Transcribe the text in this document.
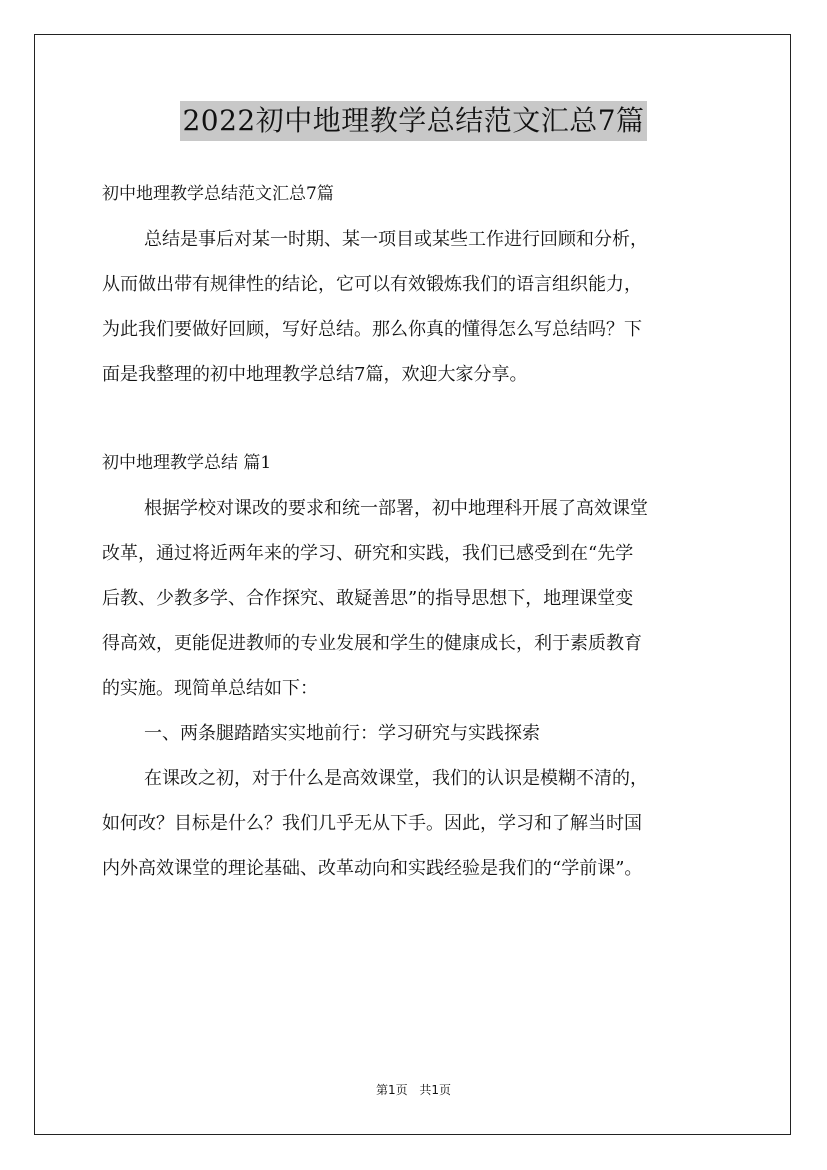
2022初中地理教学总结范文汇总7篇
初中地理教学总结范文汇总7篇
总结是事后对某一时期、某一项目或某些工作进行回顾和分析，
从而做出带有规律性的结论，它可以有效锻炼我们的语言组织能力，
为此我们要做好回顾，写好总结。那么你真的懂得怎么写总结吗？下
面是我整理的初中地理教学总结7篇，欢迎大家分享。
初中地理教学总结 篇1
根据学校对课改的要求和统一部署，初中地理科开展了高效课堂
改革，通过将近两年来的学习、研究和实践，我们已感受到在“先学
后教、少教多学、合作探究、敢疑善思”的指导思想下，地理课堂变
得高效，更能促进教师的专业发展和学生的健康成长，利于素质教育
的实施。现简单总结如下：
一、两条腿踏踏实实地前行：学习研究与实践探索
在课改之初，对于什么是高效课堂，我们的认识是模糊不清的，
如何改？目标是什么？我们几乎无从下手。因此，学习和了解当时国
内外高效课堂的理论基础、改革动向和实践经验是我们的“学前课”。
第1页 共1页
